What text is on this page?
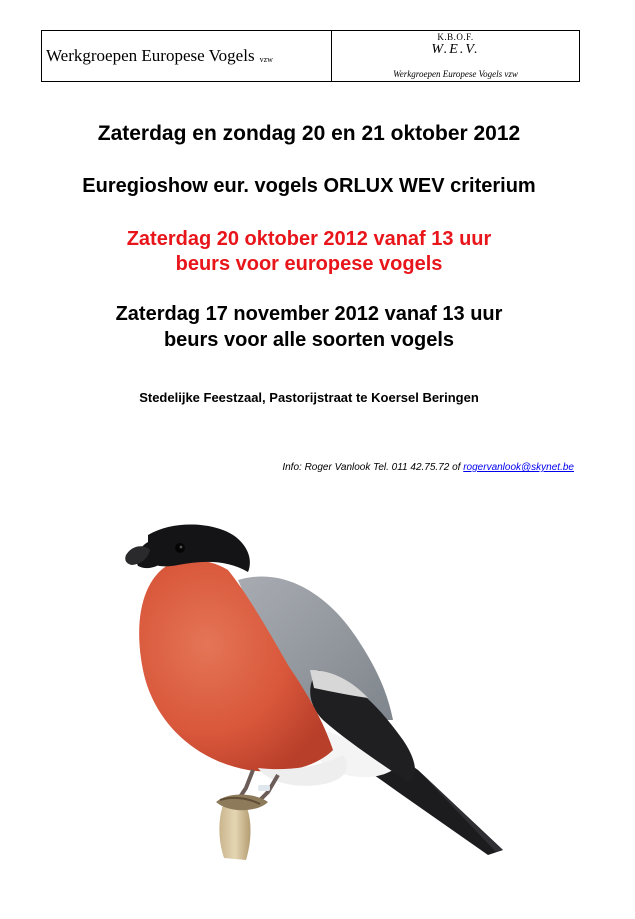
Werkgroepen Europese Vogels vzw
K.B.O.F.
W.E.V.
Werkgroepen Europese Vogels vzw
Zaterdag en zondag 20 en 21 oktober 2012
Euregioshow eur. vogels ORLUX WEV criterium
Zaterdag 20 oktober 2012 vanaf 13 uur
beurs voor europese vogels
Zaterdag 17 november 2012 vanaf 13 uur
beurs voor alle soorten vogels
Stedelijke Feestzaal, Pastorijstraat te Koersel Beringen
Info: Roger Vanlook Tel. 011 42.75.72 of rogervanlook@skynet.be
